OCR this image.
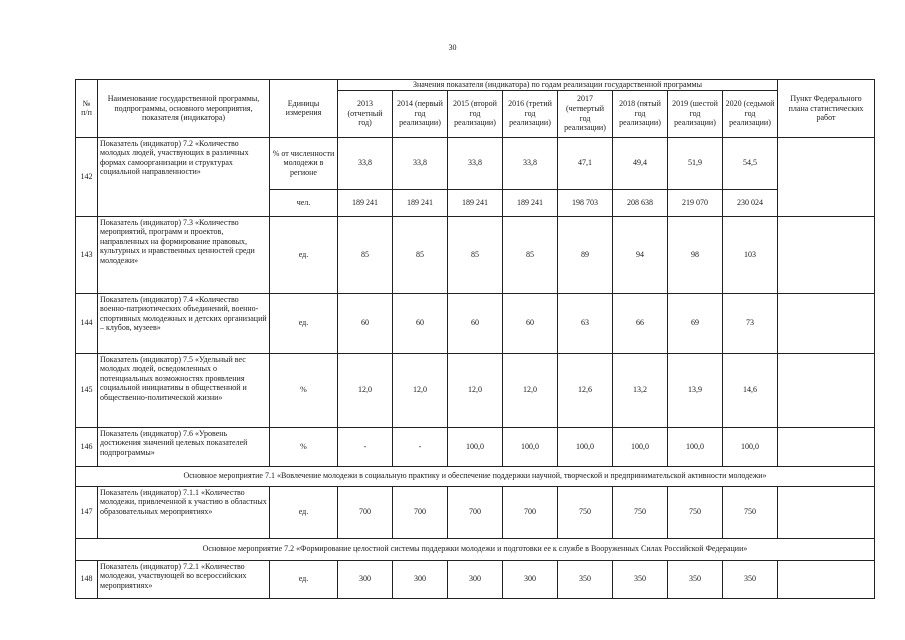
30
№
п/п	Наименование государственной программы, подпрограммы, основного мероприятия, показателя (индикатора)	Единицы измерения	Значения показателя (индикатора) по годам реализации государственной программы								Пункт Федерального плана статистических работ
			2013 (отчетный год)	2014 (первый год реализации)	2015 (второй год реализации)	2016 (третий год реализации)	2017 (четвертый год реализации)	2018 (пятый год реализации)	2019 (шестой год реализации)	2020 (седьмой год реализации)	
142	Показатель (индикатор) 7.2 «Количество молодых людей, участвующих в различных формах самоорганизации и структурах социальной направленности»	% от численности молодежи в регионе	33,8	33,8	33,8	33,8	47,1	49,4	51,9	54,5	
		чел.	189 241	189 241	189 241	189 241	198 703	208 638	219 070	230 024	
143	Показатель (индикатор) 7.3 «Количество мероприятий, программ и проектов, направленных на формирование правовых, культурных и нравственных ценностей среди молодежи»	ед.	85	85	85	85	89	94	98	103	
144	Показатель (индикатор) 7.4 «Количество военно-патриотических объединений, военно-спортивных молодежных и детских организаций – клубов, музеев»	ед.	60	60	60	60	63	66	69	73	
145	Показатель (индикатор) 7.5 «Удельный вес молодых людей, осведомленных о потенциальных возможностях проявления социальной инициативы в общественной и общественно-политической жизни»	%	12,0	12,0	12,0	12,0	12,6	13,2	13,9	14,6	
146	Показатель (индикатор) 7.6 «Уровень достижения значений целевых показателей подпрограммы»	%	-	-	100,0	100,0	100,0	100,0	100,0	100,0	
Основное мероприятие 7.1 «Вовлечение молодежи в социальную практику и обеспечение поддержки научной, творческой и предпринимательской активности молодежи»											
147	Показатель (индикатор) 7.1.1 «Количество молодежи, привлеченной к участию в областных образовательных мероприятиях»	ед.	700	700	700	700	750	750	750	750	
Основное мероприятие 7.2 «Формирование целостной системы поддержки молодежи и подготовки ее к службе в Вооруженных Силах Российской Федерации»											
148	Показатель (индикатор) 7.2.1 «Количество молодежи, участвующей во всероссийских мероприятиях»	ед.	300	300	300	300	350	350	350	350	
